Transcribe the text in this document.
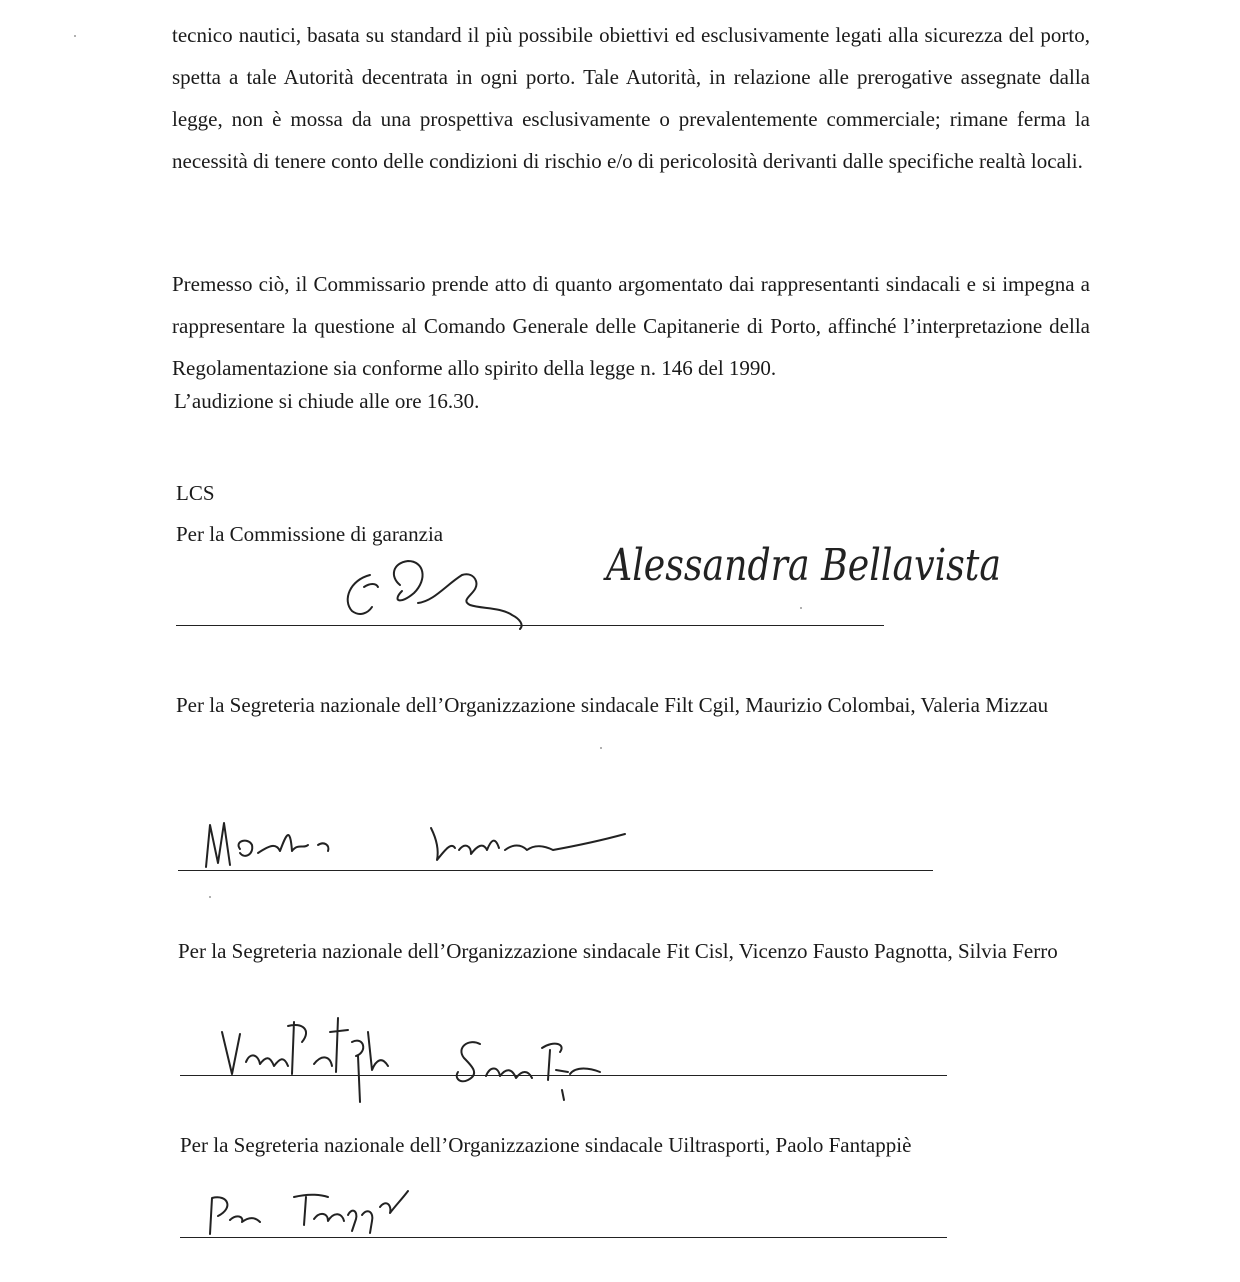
tecnico nautici, basata su standard il più possibile obiettivi ed esclusivamente legati alla sicurezza del porto, spetta a tale Autorità decentrata in ogni porto. Tale Autorità, in relazione alle prerogative assegnate dalla legge, non è mossa da una prospettiva esclusivamente o prevalentemente commerciale; rimane ferma la necessità di tenere conto delle condizioni di rischio e/o di pericolosità derivanti dalle specifiche realtà locali.

Premesso ciò, il Commissario prende atto di quanto argomentato dai rappresentanti sindacali e si impegna a rappresentare la questione al Comando Generale delle Capitanerie di Porto, affinché l’interpretazione della Regolamentazione sia conforme allo spirito della legge n. 146 del 1990.

L’audizione si chiude alle ore 16.30.

LCS

Per la Commissione di garanzia

Alessandra Bellavista

Per la Segreteria nazionale dell’Organizzazione sindacale Filt Cgil, Maurizio Colombai, Valeria Mizzau

Per la Segreteria nazionale dell’Organizzazione sindacale Fit Cisl, Vicenzo Fausto Pagnotta, Silvia Ferro

Per la Segreteria nazionale dell’Organizzazione sindacale Uiltrasporti, Paolo Fantappiè
